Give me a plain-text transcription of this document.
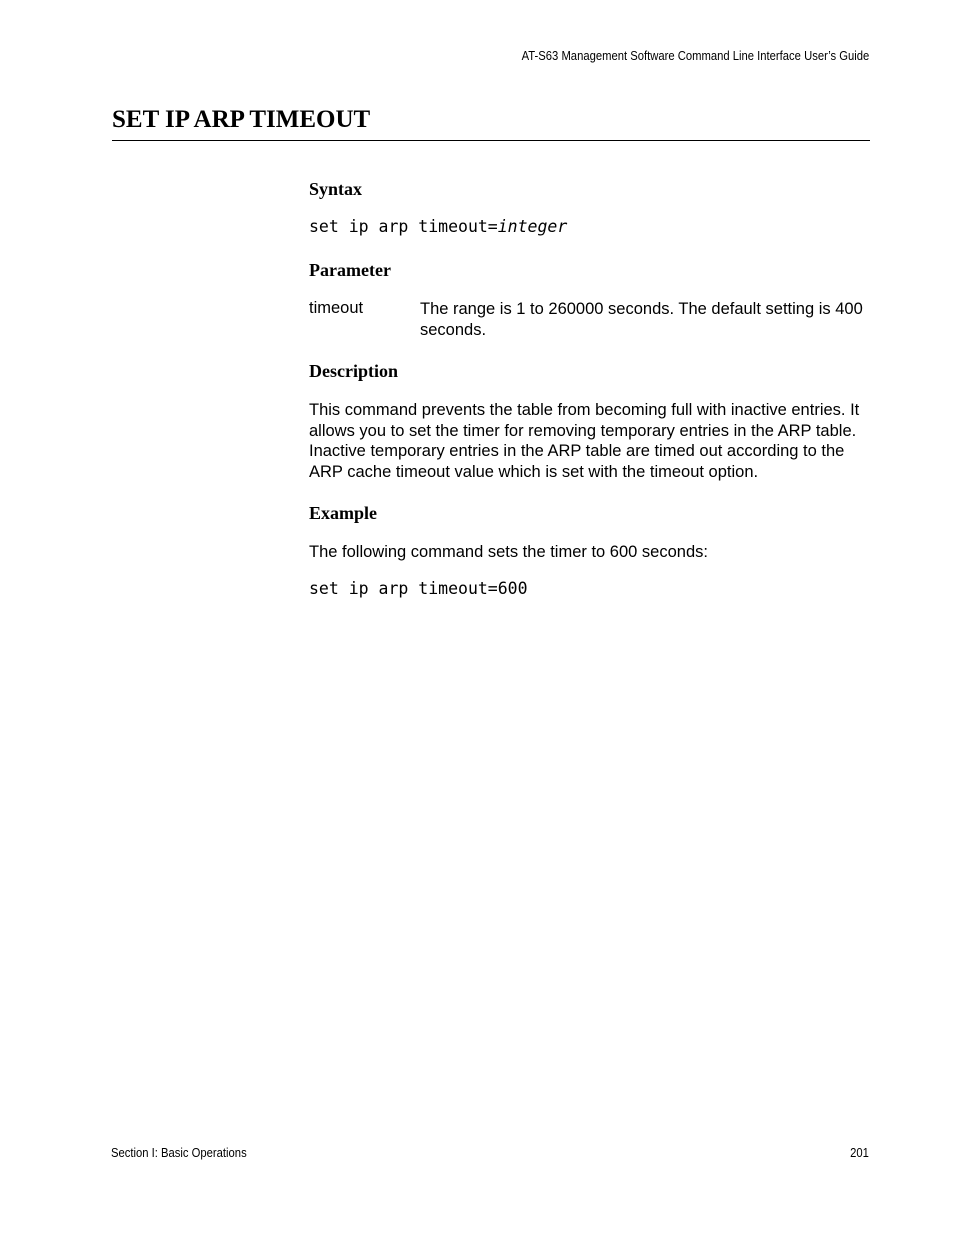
AT-S63 Management Software Command Line Interface User’s Guide
SET IP ARP TIMEOUT
Syntax
set ip arp timeout=integer
Parameter
timeout	The range is 1 to 260000 seconds. The default setting is 400 seconds.
Description
This command prevents the table from becoming full with inactive entries. It allows you to set the timer for removing temporary entries in the ARP table. Inactive temporary entries in the ARP table are timed out according to the ARP cache timeout value which is set with the timeout option.
Example
The following command sets the timer to 600 seconds:
set ip arp timeout=600
Section I: Basic Operations	201
